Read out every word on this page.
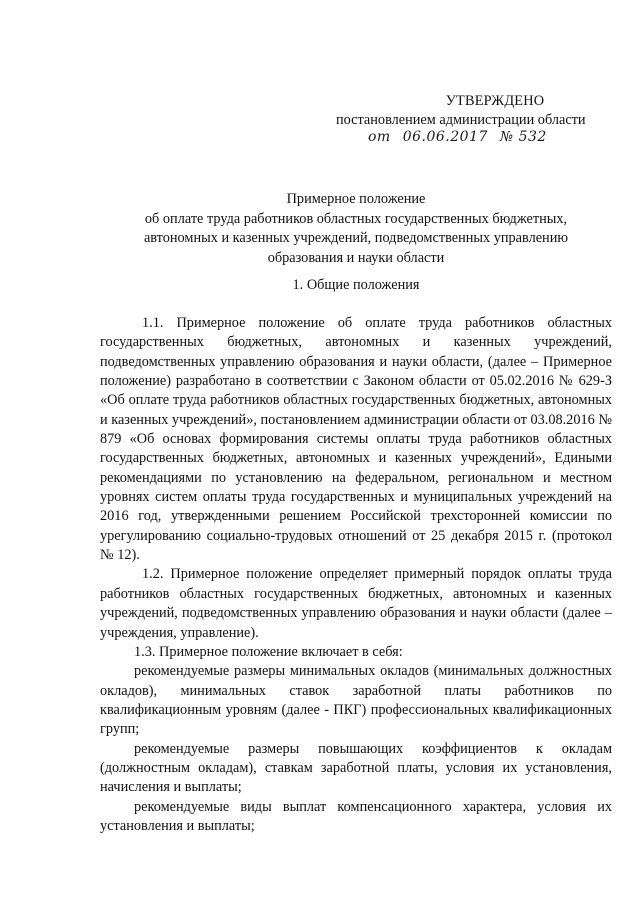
УТВЕРЖДЕНО
постановлением администрации области
от 06.06.2017 № 532
Примерное положение
об оплате труда работников областных государственных бюджетных,
автономных и казенных учреждений, подведомственных управлению
образования и науки области
1. Общие положения

1.1. Примерное положение об оплате труда работников областных государственных бюджетных, автономных и казенных учреждений, подведомственных управлению образования и науки области, (далее – Примерное положение) разработано в соответствии с Законом области от 05.02.2016 № 629-З «Об оплате труда работников областных государственных бюджетных, автономных и казенных учреждений», постановлением администрации области от 03.08.2016 № 879 «Об основах формирования системы оплаты труда работников областных государственных бюджетных, автономных и казенных учреждений», Едиными рекомендациями по установлению на федеральном, региональном и местном уровнях систем оплаты труда государственных и муниципальных учреждений на 2016 год, утвержденными решением Российской трехсторонней комиссии по урегулированию социально-трудовых отношений от 25 декабря 2015 г. (протокол № 12).

1.2. Примерное положение определяет примерный порядок оплаты труда работников областных государственных бюджетных, автономных и казенных учреждений, подведомственных управлению образования и науки области (далее – учреждения, управление).

1.3. Примерное положение включает в себя:

рекомендуемые размеры минимальных окладов (минимальных должностных окладов), минимальных ставок заработной платы работников по квалификационным уровням (далее - ПКГ) профессиональных квалификационных групп;

рекомендуемые размеры повышающих коэффициентов к окладам (должностным окладам), ставкам заработной платы, условия их установления, начисления и выплаты;

рекомендуемые виды выплат компенсационного характера, условия их установления и выплаты;
